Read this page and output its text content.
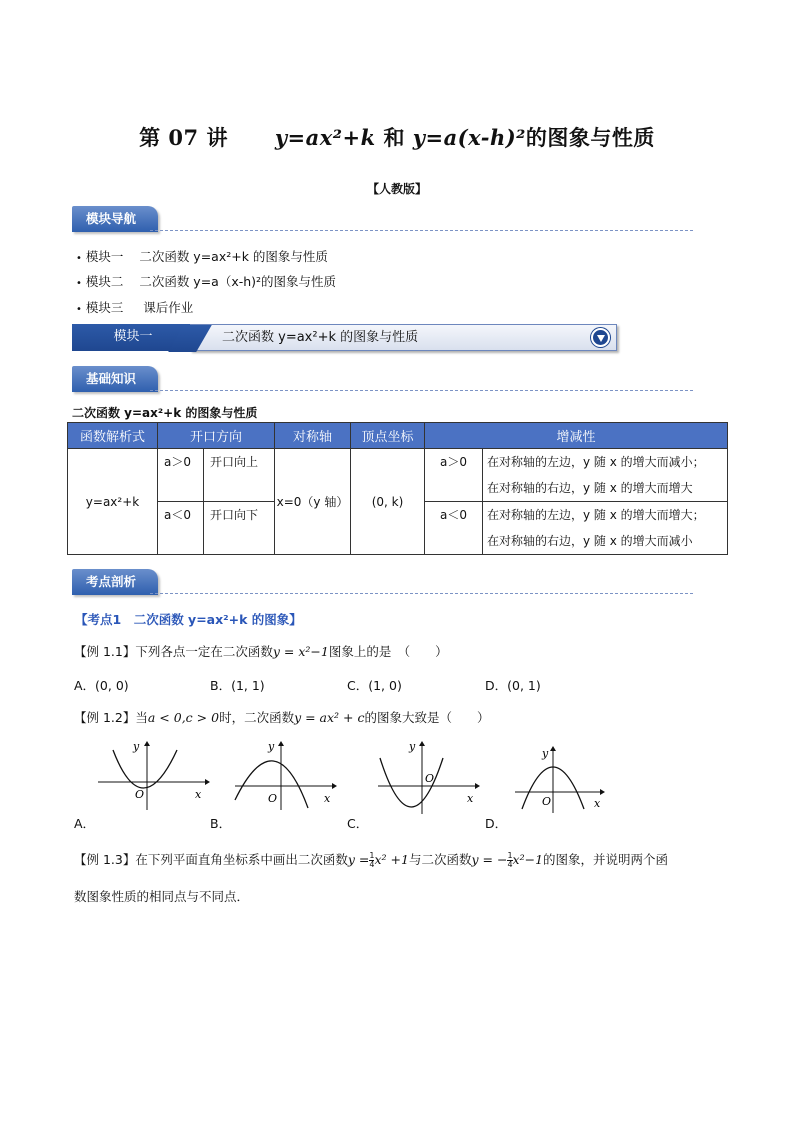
第 07 讲 y=ax²+k 和 y=a(x-h)²的图象与性质
【人教版】
模块导航
• 模块一 二次函数 y=ax²+k 的图象与性质
• 模块二 二次函数 y=a（x-h)²的图象与性质
• 模块三 课后作业
模块一	二次函数 y=ax²+k 的图象与性质
基础知识
二次函数 y=ax²+k 的图象与性质
函数解析式	开口方向		对称轴	顶点坐标	增减性	
y=ax²+k	a＞0	开口向上	x=0（y 轴）	(0, k)	a＞0	在对称轴的左边，y 随 x 的增大而减小；
						在对称轴的右边，y 随 x 的增大而增大
	a＜0	开口向下			a＜0	在对称轴的左边，y 随 x 的增大而增大；
						在对称轴的右边，y 随 x 的增大而减小
考点剖析
【考点1　二次函数 y=ax²+k 的图象】
【例 1.1】下列各点一定在二次函数y = x²−1图象上的是　（　　）
A．(0, 0)	B．(1, 1)	C．(1, 0)	D．(0, 1)
【例 1.2】当a < 0,c > 0时，二次函数y = ax² + c的图象大致是（　　）
y
x
O
A．
y
x
O
B．
y
x
O
C．
y
x
O
D．
【例 1.3】在下列平面直角坐标系中画出二次函数$y = \frac{1}{4} x^2 +1$与二次函数y = − $\frac{1}{4} x^2-1$的图象，并说明两个函
数图象性质的相同点与不同点．
